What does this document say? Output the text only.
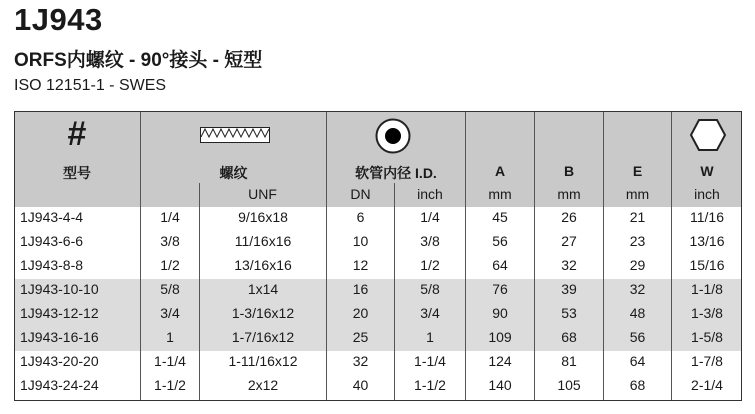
1J943
ORFS内螺纹 - 90°接头 - 短型
ISO 12151-1 - SWES
#
型号	螺纹
UNF
软管内径 I.D.
DN	inch
A
mm
B
mm
E
mm
W
inch
1J943-4-4	1/4	9/16x18	6	1/4	45	26	21	11/16
1J943-6-6	3/8	11/16x16	10	3/8	56	27	23	13/16
1J943-8-8	1/2	13/16x16	12	1/2	64	32	29	15/16
1J943-10-10	5/8	1x14	16	5/8	76	39	32	1-1/8
1J943-12-12	3/4	1-3/16x12	20	3/4	90	53	48	1-3/8
1J943-16-16	1	1-7/16x12	25	1	109	68	56	1-5/8
1J943-20-20	1-1/4	1-11/16x12	32	1-1/4	124	81	64	1-7/8
1J943-24-24	1-1/2	2x12	40	1-1/2	140	105	68	2-1/4
